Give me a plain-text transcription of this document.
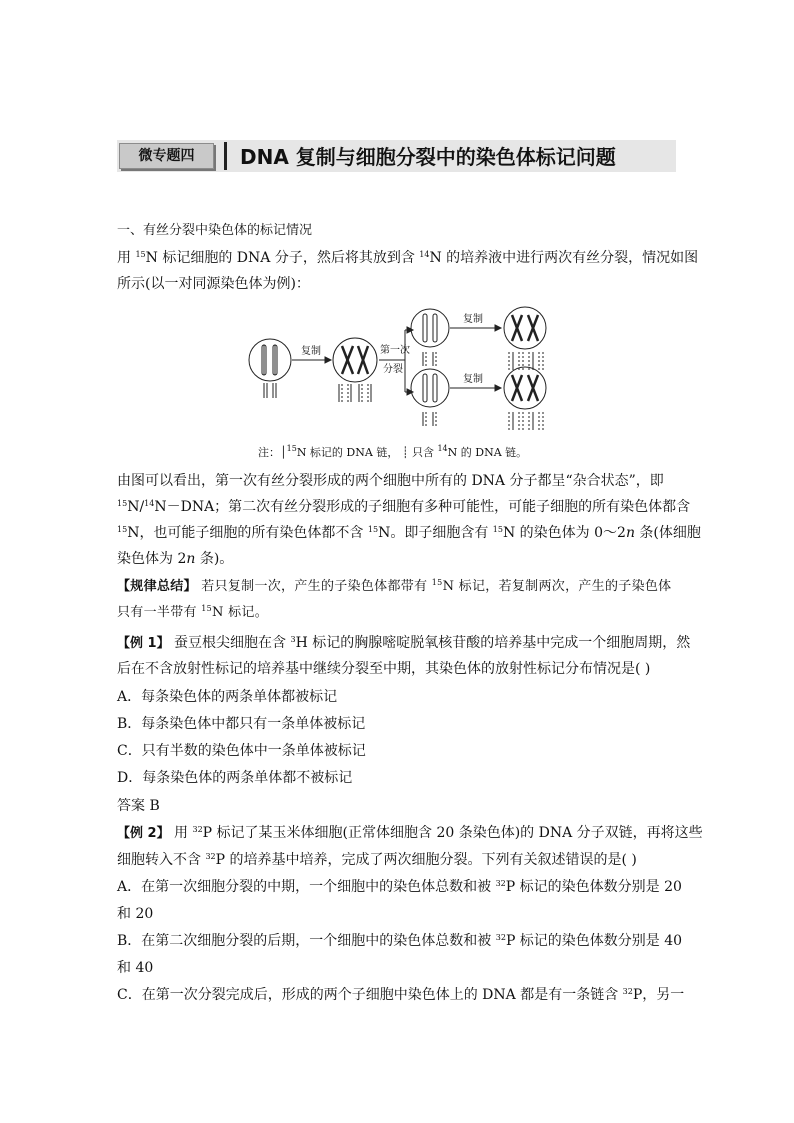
微专题四	DNA 复制与细胞分裂中的染色体标记问题
一、有丝分裂中染色体的标记情况
用 $^{15}$N 标记细胞的 DNA 分子，然后将其放到含 $^{14}$N 的培养液中进行两次有丝分裂，情况如图
所示(以一对同源染色体为例)：
复制	第一次
分裂
复制
复制
注：│$^{15}$N 标记的 DNA 链， ┊ 只含 $^{14}$N 的 DNA 链。
由图可以看出，第一次有丝分裂形成的两个细胞中所有的 DNA 分子都呈“杂合状态”，即
$^{15}$N/$^{14}$N－DNA；第二次有丝分裂形成的子细胞有多种可能性，可能子细胞的所有染色体都含
$^{15}$N，也可能子细胞的所有染色体都不含 $^{15}$N。即子细胞含有 $^{15}$N 的染色体为 0～2n 条(体细胞
染色体为 2n 条)。
【规律总结】 若只复制一次，产生的子染色体都带有 $^{15}$N 标记，若复制两次，产生的子染色体
只有一半带有 $^{15}$N 标记。
【例 1】 蚕豆根尖细胞在含 $^3$H 标记的胸腺嘧啶脱氧核苷酸的培养基中完成一个细胞周期，然
后在不含放射性标记的培养基中继续分裂至中期，其染色体的放射性标记分布情况是( )
A．每条染色体的两条单体都被标记
B．每条染色体中都只有一条单体被标记
C．只有半数的染色体中一条单体被标记
D．每条染色体的两条单体都不被标记
答案 B
【例 2】 用 $^{32}$P 标记了某玉米体细胞(正常体细胞含 20 条染色体)的 DNA 分子双链，再将这些
细胞转入不含 $^{32}$P 的培养基中培养，完成了两次细胞分裂。下列有关叙述错误的是( )
A．在第一次细胞分裂的中期，一个细胞中的染色体总数和被 $^{32}$P 标记的染色体数分别是 20
和 20
B．在第二次细胞分裂的后期，一个细胞中的染色体总数和被 $^{32}$P 标记的染色体数分别是 40
和 40
C．在第一次分裂完成后，形成的两个子细胞中染色体上的 DNA 都是有一条链含 $^{32}$P，另一
